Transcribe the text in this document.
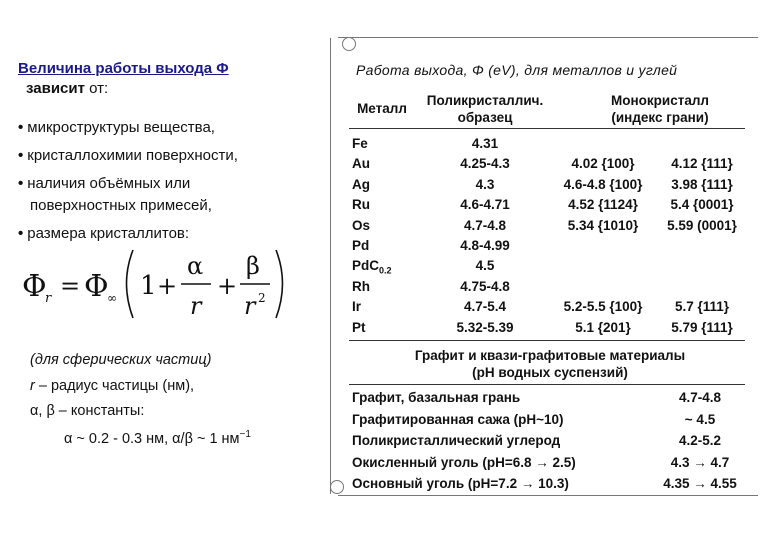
Величина работы выхода Φ
зависит от:
• микроструктуры вещества,
• кристаллохимии поверхности,
• наличия объёмных или
поверхностных примесей,
• размера кристаллитов:
Φ
r = Φ
∞ 1 +
α
r
+
β
r 2
(для сферических частиц)
r – радиус частицы (нм),
α, β – константы:
α ~ 0.2 - 0.3 нм, α/β ~ 1 $нм^{-1}$
Работа выхода, Φ (eV), для металлов и углей
Металл
Поликристаллич.
образец
Монокристалл
(индекс грани)
Fe	4.31
Au	4.25-4.3	4.02 {100}	4.12 {111}
Ag	4.3	4.6-4.8 {100}	3.98 {111}
Ru	4.6-4.71	4.52 {1124}	5.4 {0001}
Os	4.7-4.8	5.34 {1010}	5.59 (0001}
Pd	4.8-4.99
PdC$_{0.2}$	4.5
Rh	4.75-4.8
Ir	4.7-5.4	5.2-5.5 {100}	5.7 {111}
Pt	5.32-5.39	5.1 {201}	5.79 {111}
Графит и квази-графитовые материалы
(pH водных суспензий)
Графит, базальная грань	4.7-4.8
Графитированная сажа (pH~10)	~ 4.5
Поликристаллический углерод	4.2-5.2
Окисленный уголь (pH=6.8 → 2.5)	4.3 → 4.7
Основный уголь (pH=7.2 → 10.3)	4.35 → 4.55
